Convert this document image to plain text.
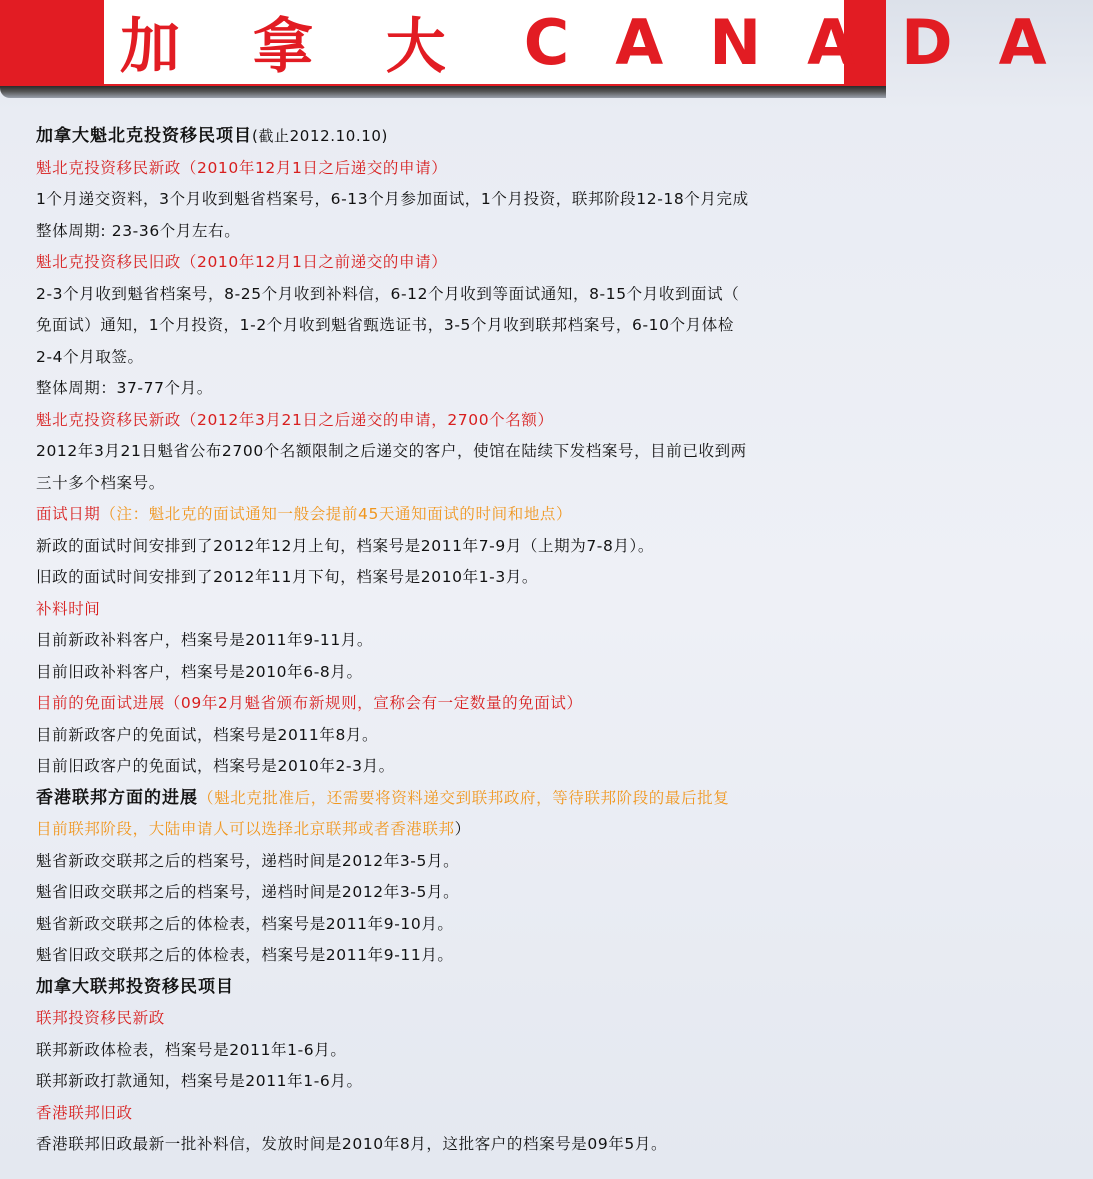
加 拿 大 CANADA
加拿大魁北克投资移民项目(截止2012.10.10)
魁北克投资移民新政（2010年12月1日之后递交的申请）
1个月递交资料，3个月收到魁省档案号，6-13个月参加面试，1个月投资，联邦阶段12-18个月完成
整体周期: 23-36个月左右。
魁北克投资移民旧政（2010年12月1日之前递交的申请）
2-3个月收到魁省档案号，8-25个月收到补料信，6-12个月收到等面试通知，8-15个月收到面试（
免面试）通知，1个月投资，1-2个月收到魁省甄选证书，3-5个月收到联邦档案号，6-10个月体检
2-4个月取签。
整体周期：37-77个月。
魁北克投资移民新政（2012年3月21日之后递交的申请，2700个名额）
2012年3月21日魁省公布2700个名额限制之后递交的客户，使馆在陆续下发档案号，目前已收到两
三十多个档案号。
面试日期（注：魁北克的面试通知一般会提前45天通知面试的时间和地点）
新政的面试时间安排到了2012年12月上旬，档案号是2011年7-9月（上期为7-8月）。
旧政的面试时间安排到了2012年11月下旬，档案号是2010年1-3月。
补料时间
目前新政补料客户，档案号是2011年9-11月。
目前旧政补料客户，档案号是2010年6-8月。
目前的免面试进展（09年2月魁省颁布新规则，宣称会有一定数量的免面试）
目前新政客户的免面试，档案号是2011年8月。
目前旧政客户的免面试，档案号是2010年2-3月。
香港联邦方面的进展（魁北克批准后，还需要将资料递交到联邦政府，等待联邦阶段的最后批复
目前联邦阶段，大陆申请人可以选择北京联邦或者香港联邦）
魁省新政交联邦之后的档案号，递档时间是2012年3-5月。
魁省旧政交联邦之后的档案号，递档时间是2012年3-5月。
魁省新政交联邦之后的体检表，档案号是2011年9-10月。
魁省旧政交联邦之后的体检表，档案号是2011年9-11月。
加拿大联邦投资移民项目
联邦投资移民新政
联邦新政体检表，档案号是2011年1-6月。
联邦新政打款通知，档案号是2011年1-6月。
香港联邦旧政
香港联邦旧政最新一批补料信，发放时间是2010年8月，这批客户的档案号是09年5月。
